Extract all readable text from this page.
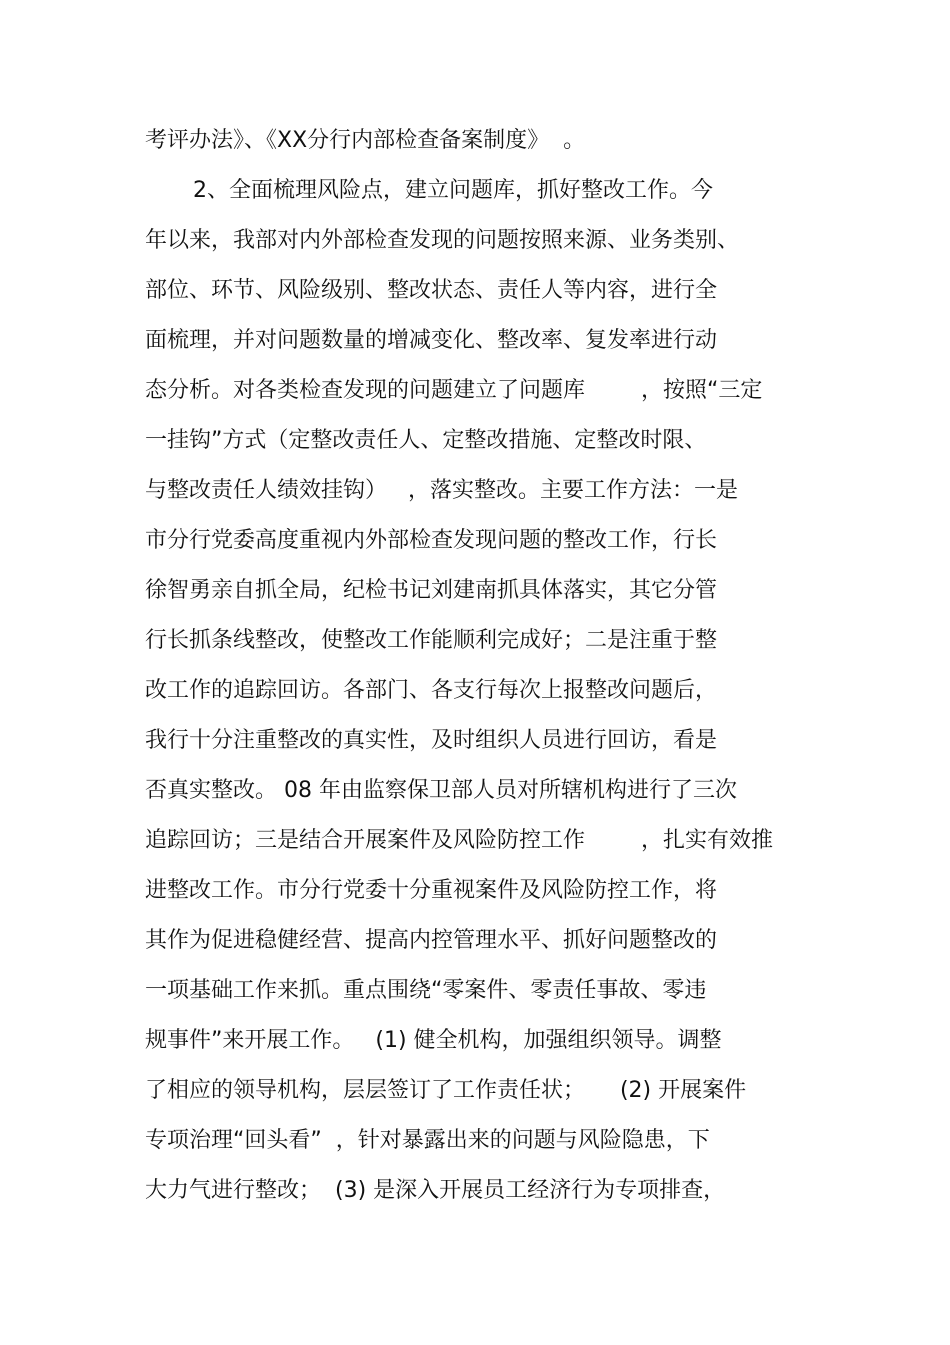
考评办法》、《XX分行内部检查备案制度》  。
2、全面梳理风险点，建立问题库，抓好整改工作。今
年以来，我部对内外部检查发现的问题按照来源、业务类别、
部位、环节、风险级别、整改状态、责任人等内容，进行全
面梳理，并对问题数量的增减变化、整改率、复发率进行动
态分析。对各类检查发现的问题建立了问题库        ，按照“三定
一挂钩”方式（定整改责任人、定整改措施、定整改时限、
与整改责任人绩效挂钩）   ，落实整改。主要工作方法：一是
市分行党委高度重视内外部检查发现问题的整改工作，行长
徐智勇亲自抓全局，纪检书记刘建南抓具体落实，其它分管
行长抓条线整改，使整改工作能顺利完成好；二是注重于整
改工作的追踪回访。各部门、各支行每次上报整改问题后，
我行十分注重整改的真实性，及时组织人员进行回访，看是
否真实整改。 08 年由监察保卫部人员对所辖机构进行了三次
追踪回访；三是结合开展案件及风险防控工作        ，扎实有效推
进整改工作。市分行党委十分重视案件及风险防控工作，将
其作为促进稳健经营、提高内控管理水平、抓好问题整改的
一项基础工作来抓。重点围绕“零案件、零责任事故、零违
规事件”来开展工作。   (1) 健全机构，加强组织领导。调整
了相应的领导机构，层层签订了工作责任状；     (2) 开展案件
专项治理“回头看”  ，针对暴露出来的问题与风险隐患，下
大力气进行整改；  (3) 是深入开展员工经济行为专项排查，
